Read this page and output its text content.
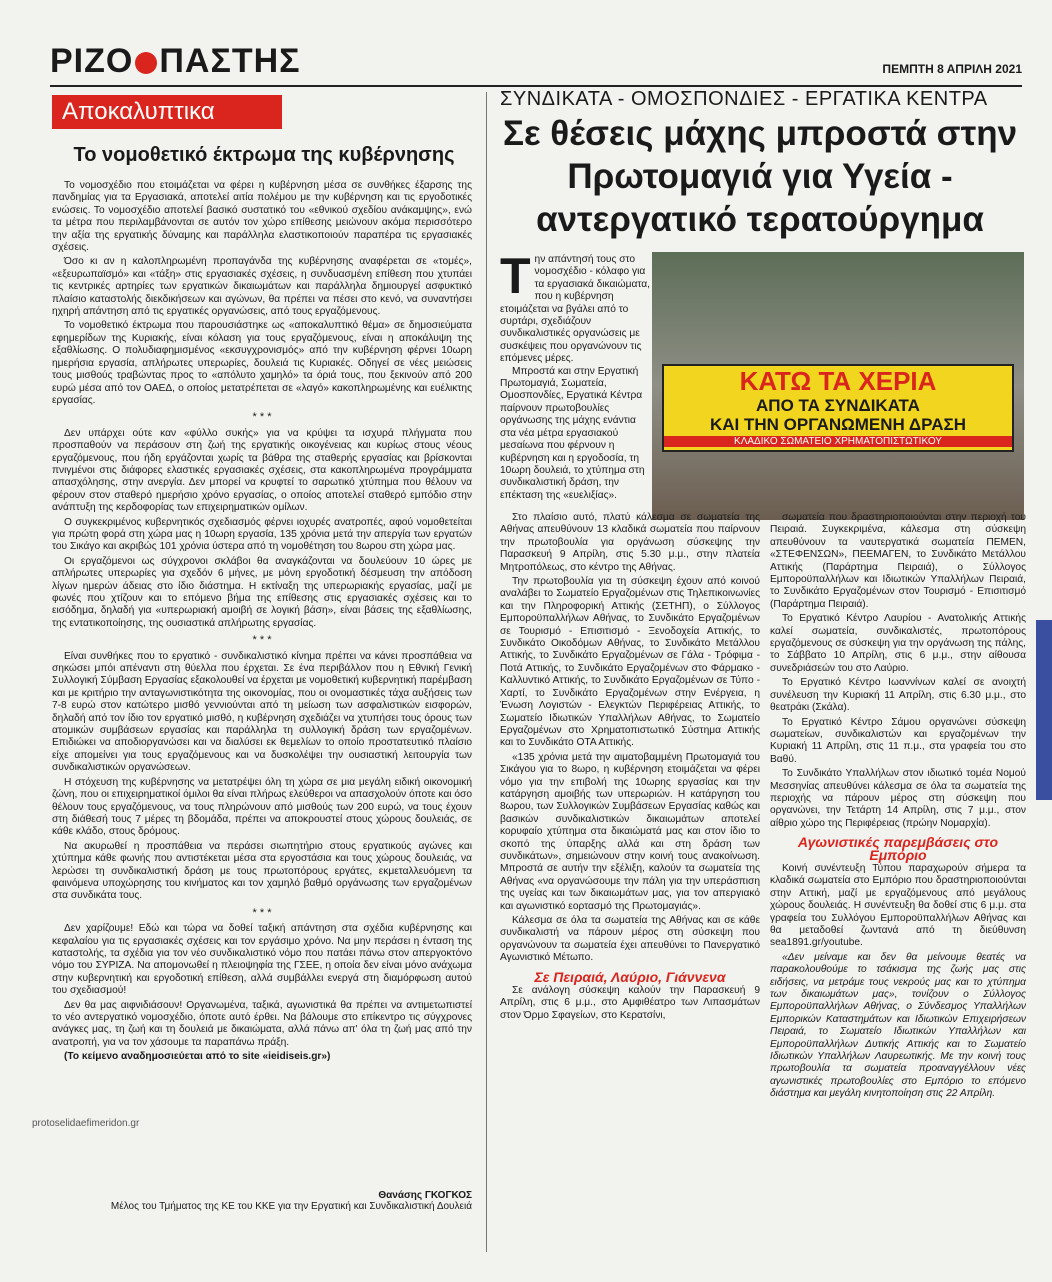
ΡΙΖΟ ΠΑΣΤΗΣ	ΠΕΜΠΤΗ 8 ΑΠΡΙΛΗ 2021
Αποκαλυπτικα
Το νομοθετικό έκτρωμα της κυβέρνησης

Το νομοσχέδιο που ετοιμάζεται να φέρει η κυβέρνηση μέσα σε συνθήκες έξαρσης της πανδημίας για τα Εργασιακά, αποτελεί αιτία πολέμου με την κυβέρνηση και τις εργοδοτικές ενώσεις. Το νομοσχέδιο αποτελεί βασικό συστατικό του «εθνικού σχεδίου ανάκαμψης», ενώ τα μέτρα που περιλαμβάνονται σε αυτόν τον χώρο επίθεσης μειώνουν ακόμα περισσότερο την αξία της εργατικής δύναμης και παράλληλα ελαστικοποιούν παραπέρα τις εργασιακές σχέσεις.

Όσο κι αν η καλοπληρωμένη προπαγάνδα της κυβέρνησης αναφέρεται σε «τομές», «εξευρωπαϊσμό» και «τάξη» στις εργασιακές σχέσεις, η συνδυασμένη επίθεση που χτυπάει τις κεντρικές αρτηρίες των εργατικών δικαιωμάτων και παράλληλα δημιουργεί ασφυκτικό πλαίσιο καταστολής διεκδικήσεων και αγώνων, θα πρέπει να πέσει στο κενό, να συναντήσει ηχηρή απάντηση από τις εργατικές οργανώσεις, από τους εργαζόμενους.

Το νομοθετικό έκτρωμα που παρουσιάστηκε ως «αποκαλυπτικό θέμα» σε δημοσιεύματα εφημερίδων της Κυριακής, είναι κόλαση για τους εργαζόμενους, είναι η αποκάλυψη της εξαθλίωσης. Ο πολυδιαφημισμένος «εκσυγχρονισμός» από την κυβέρνηση φέρνει 10ωρη ημερήσια εργασία, απλήρωτες υπερωρίες, δουλειά τις Κυριακές. Οδηγεί σε νέες μειώσεις τους μισθούς τραβώντας προς το «απόλυτο χαμηλό» τα όριά τους, που ξεκινούν από 200 ευρώ μέσα από τον ΟΑΕΔ, ο οποίος μετατρέπεται σε «λαγό» κακοπληρωμένης και ευέλικτης εργασίας.

* * *

Δεν υπάρχει ούτε καν «φύλλο συκής» για να κρύψει τα ισχυρά πλήγματα που προσπαθούν να περάσουν στη ζωή της εργατικής οικογένειας και κυρίως στους νέους εργαζόμενους, που ήδη εργάζονται χωρίς τα βάθρα της σταθερής εργασίας και βρίσκονται πνιγμένοι στις διάφορες ελαστικές εργασιακές σχέσεις, στα κακοπληρωμένα προγράμματα απασχόλησης, στην ανεργία. Δεν μπορεί να κρυφτεί το σαρωτικό χτύπημα που θέλουν να φέρουν στον σταθερό ημερήσιο χρόνο εργασίας, ο οποίος αποτελεί σταθερό εμπόδιο στην ανάπτυξη της κερδοφορίας των επιχειρηματικών ομίλων.

Ο συγκεκριμένος κυβερνητικός σχεδιασμός φέρνει ιοχυρές ανατροπές, αφού νομοθετείται για πρώτη φορά στη χώρα μας η 10ωρη εργασία, 135 χρόνια μετά την απεργία των εργατών του Σικάγο και ακριβώς 101 χρόνια ύστερα από τη νομοθέτηση του 8ωρου στη χώρα μας.

Οι εργαζόμενοι ως σύγχρονοι σκλάβοι θα αναγκάζονται να δουλεύουν 10 ώρες με απλήρωτες υπερωρίες για σχεδόν 6 μήνες, με μόνη εργοδοτική δέσμευση την απόδοση λίγων ημερών άδειας στο ίδιο διάστημα. Η εκτίναξη της υπερωριακής εργασίας, μαζί με φωνές που χτίζουν και το επόμενο βήμα της επίθεσης στις εργασιακές σχέσεις και το εισόδημα, δηλαδή για «υπερωριακή αμοιβή σε λογική βάση», είναι βάσεις της εξαθλίωσης, της εντατικοποίησης, της ουσιαστικά απλήρωτης εργασίας.

* * *

Είναι συνθήκες που το εργατικό - συνδικαλιστικό κίνημα πρέπει να κάνει προσπάθεια να σηκώσει μπόι απέναντι στη θύελλα που έρχεται. Σε ένα περιβάλλον που η Εθνική Γενική Συλλογική Σύμβαση Εργασίας εξακολουθεί να έρχεται με νομοθετική κυβερνητική παρέμβαση και με κριτήριο την ανταγωνιστικότητα της οικονομίας, που οι ονομαστικές τάχα αυξήσεις των 7-8 ευρώ στον κατώτερο μισθό γεννιούνται από τη μείωση των ασφαλιστικών εισφορών, δηλαδή από τον ίδιο τον εργατικό μισθό, η κυβέρνηση σχεδιάζει να χτυπήσει τους όρους των ατομικών συμβάσεων εργασίας και παράλληλα τη συλλογική δράση των εργαζομένων. Επιδιώκει να αποδιοργανώσει και να διαλύσει εκ θεμελίων το οποίο προστατευτικό πλαίσιο είχε απομείνει για τους εργαζόμενους και να δυσκολέψει την ουσιαστική λειτουργία των συνδικαλιστικών οργανώσεων.

Η στόχευση της κυβέρνησης να μετατρέψει όλη τη χώρα σε μια μεγάλη ειδική οικονομική ζώνη, που οι επιχειρηματικοί όμιλοι θα είναι πλήρως ελεύθεροι να απασχολούν όποτε και όσο θέλουν τους εργαζόμενους, να τους πληρώνουν από μισθούς των 200 ευρώ, να τους έχουν στη διάθεσή τους 7 μέρες τη βδομάδα, πρέπει να αποκρουστεί στους χώρους δουλειάς, σε κάθε κλάδο, στους δρόμους.

Να ακυρωθεί η προσπάθεια να περάσει σιωπητήριο στους εργατικούς αγώνες και χτύπημα κάθε φωνής που αντιστέκεται μέσα στα εργοστάσια και τους χώρους δουλειάς, να λερώσει τη συνδικαλιστική δράση με τους πρωτοπόρους εργάτες, εκμεταλλευόμενη τα φαινόμενα υποχώρησης του κινήματος και τον χαμηλό βαθμό οργάνωσης των εργαζομένων στα συνδικάτα τους.

* * *

Δεν χαρίζουμε! Εδώ και τώρα να δοθεί ταξική απάντηση στα σχέδια κυβέρνησης και κεφαλαίου για τις εργασιακές σχέσεις και τον εργάσιμο χρόνο. Να μην περάσει η ένταση της καταστολής, τα σχέδια για τον νέο συνδικαλιστικό νόμο που πατάει πάνω στον απεργοκτόνο νόμο του ΣΥΡΙΖΑ. Να απομονωθεί η πλειοψηφία της ΓΣΕΕ, η οποία δεν είναι μόνο ανάχωμα στην κυβερνητική και εργοδοτική επίθεση, αλλά συμβάλλει ενεργά στη διαμόρφωση αυτού του σχεδιασμού!

Δεν θα μας αιφνιδιάσουν! Οργανωμένα, ταξικά, αγωνιστικά θα πρέπει να αντιμετωπιστεί το νέο αντεργατικό νομοσχέδιο, όποτε αυτό έρθει. Να βάλουμε στο επίκεντρο τις σύγχρονες ανάγκες μας, τη ζωή και τη δουλειά με δικαιώματα, αλλά πάνω απ' όλα τη ζωή μας από την ανατροπή, για να τον χάσουμε τα παραπάνω πράξη.

(Το κείμενο αναδημοσιεύεται από το site «ieidiseis.gr»)

Θανάσης ΓΚΟΓΚΟΣ
Μέλος του Τμήματος της ΚΕ του ΚΚΕ για την Εργατική και Συνδικαλιστική Δουλειά
ΣΥΝΔΙΚΑΤΑ - ΟΜΟΣΠΟΝΔΙΕΣ - ΕΡΓΑΤΙΚΑ ΚΕΝΤΡΑ
Σε θέσεις μάχης μπροστά στην Πρωτομαγιά για Υγεία - αντεργατικό τερατούργημα
ΚΑΤΩ ΤΑ ΧΕΡΙΑ
ΑΠΟ ΤΑ ΣΥΝΔΙΚΑΤΑ
ΚΑΙ ΤΗΝ ΟΡΓΑΝΩΜΕΝΗ ΔΡΑΣΗ
ΚΛΑΔΙΚΟ ΣΩΜΑΤΕΙΟ ΧΡΗΜΑΤΟΠΙΣΤΩΤΙΚΟΥ
Τ ην απάντησή τους στο νομοσχέδιο - κόλαφο για τα εργασιακά δικαιώματα, που η κυβέρνηση ετοιμάζεται να βγάλει από το συρτάρι, σχεδιάζουν συνδικαλιστικές οργανώσεις με συσκέψεις που οργανώνουν τις επόμενες μέρες.

Μπροστά και στην Εργατική Πρωτομαγιά, Σωματεία, Ομοσπονδίες, Εργατικά Κέντρα παίρνουν πρωτοβουλίες οργάνωσης της μάχης ενάντια στα νέα μέτρα εργασιακού μεσαίωνα που φέρνουν η κυβέρνηση και η εργοδοσία, τη 10ωρη δουλειά, το χτύπημα στη συνδικαλιστική δράση, την επέκταση της «ευελιξίας».

Στο πλαίσιο αυτό, πλατύ κάλεσμα σε σωματεία της Αθήνας απευθύνουν 13 κλαδικά σωματεία που παίρνουν την πρωτοβουλία για οργάνωση σύσκεψης την Παρασκευή 9 Απρίλη, στις 5.30 μ.μ., στην πλατεία Μητροπόλεως, στο κέντρο της Αθήνας.

Την πρωτοβουλία για τη σύσκεψη έχουν από κοινού αναλάβει το Σωματείο Εργαζομένων στις Τηλεπικοινωνίες και την Πληροφορική Αττικής (ΣΕΤΗΠ), ο Σύλλογος Εμποροϋπαλλήλων Αθήνας, το Συνδικάτο Εργαζομένων σε Τουρισμό - Επισιτισμό - Ξενοδοχεία Αττικής, το Συνδικάτο Οικοδόμων Αθήνας, το Συνδικάτο Μετάλλου Αττικής, το Συνδικάτο Εργαζομένων σε Γάλα - Τρόφιμα - Ποτά Αττικής, το Συνδικάτο Εργαζομένων στο Φάρμακο - Καλλυντικό Αττικής, το Συνδικάτο Εργαζομένων σε Τύπο - Χαρτί, το Συνδικάτο Εργαζομένων στην Ενέργεια, η Ένωση Λογιστών - Ελεγκτών Περιφέρειας Αττικής, το Σωματείο Ιδιωτικών Υπαλλήλων Αθήνας, το Σωματείο Εργαζομένων στο Χρηματοπιστωτικό Σύστημα Αττικής και το Συνδικάτο ΟΤΑ Αττικής.

«135 χρόνια μετά την αιματοβαμμένη Πρωτομαγιά του Σικάγου για το 8ωρο, η κυβέρνηση ετοιμάζεται να φέρει νόμο για την επιβολή της 10ωρης εργασίας και την κατάργηση αμοιβής των υπερωριών. Η κατάργηση του 8ωρου, των Συλλογικών Συμβάσεων Εργασίας καθώς και βασικών συνδικαλιστικών δικαιωμάτων αποτελεί κορυφαίο χτύπημα στα δικαιώματά μας και στον ίδιο το σκοπό της ύπαρξης αλλά και στη δράση των συνδικάτων», σημειώνουν στην κοινή τους ανακοίνωση. Μπροστά σε αυτήν την εξέλιξη, καλούν τα σωματεία της Αθήνας «να οργανώσουμε την πάλη για την υπεράσπιση της υγείας και των δικαιωμάτων μας, για τον απεργιακό και αγωνιστικό εορτασμό της Πρωτομαγιάς».

Κάλεσμα σε όλα τα σωματεία της Αθήνας και σε κάθε συνδικαλιστή να πάρουν μέρος στη σύσκεψη που οργανώνουν τα σωματεία έχει απευθύνει το Πανεργατικό Αγωνιστικό Μέτωπο.

Σε Πειραιά, Λαύριο, Γιάννενα

Σε ανάλογη σύσκεψη καλούν την Παρασκευή 9 Απρίλη, στις 6 μ.μ., στο Αμφιθέατρο των Λιπασμάτων στον Όρμο Σφαγείων, στο Κερατσίνι,

σωματεία που δραστηριοποιούνται στην περιοχή του Πειραιά. Συγκεκριμένα, κάλεσμα στη σύσκεψη απευθύνουν τα ναυτεργατικά σωματεία ΠΕΜΕΝ, «ΣΤΕΦΕΝΣΩΝ», ΠΕΕΜΑΓΕΝ, το Συνδικάτο Μετάλλου Αττικής (Παράρτημα Πειραιά), ο Σύλλογος Εμποροϋπαλλήλων και Ιδιωτικών Υπαλλήλων Πειραιά, το Συνδικάτο Εργαζομένων στον Τουρισμό - Επισιτισμό (Παράρτημα Πειραιά).

Το Εργατικό Κέντρο Λαυρίου - Ανατολικής Αττικής καλεί σωματεία, συνδικαλιστές, πρωτοπόρους εργαζόμενους σε σύσκεψη για την οργάνωση της πάλης, το Σάββατο 10 Απρίλη, στις 6 μ.μ., στην αίθουσα συνεδριάσεών του στο Λαύριο.

Το Εργατικό Κέντρο Ιωαννίνων καλεί σε ανοιχτή συνέλευση την Κυριακή 11 Απρίλη, στις 6.30 μ.μ., στο θεατράκι (Σκάλα).

Το Εργατικό Κέντρο Σάμου οργανώνει σύσκεψη σωματείων, συνδικαλιστών και εργαζομένων την Κυριακή 11 Απρίλη, στις 11 π.μ., στα γραφεία του στο Βαθύ.

Το Συνδικάτο Υπαλλήλων στον ιδιωτικό τομέα Νομού Μεσσηνίας απευθύνει κάλεσμα σε όλα τα σωματεία της περιοχής να πάρουν μέρος στη σύσκεψη που οργανώνει, την Τετάρτη 14 Απρίλη, στις 7 μ.μ., στον αίθριο χώρο της Περιφέρειας (πρώην Νομαρχία).

Αγωνιστικές παρεμβάσεις στο Εμπόριο

Κοινή συνέντευξη Τύπου παραχωρούν σήμερα τα κλαδικά σωματεία στο Εμπόριο που δραστηριοποιούνται στην Αττική, μαζί με εργαζόμενους από μεγάλους χώρους δουλειάς. Η συνέντευξη θα δοθεί στις 6 μ.μ. στα γραφεία του Συλλόγου Εμποροϋπαλλήλων Αθήνας και θα μεταδοθεί ζωντανά από τη διεύθυνση sea1891.gr/youtube.

«Δεν μείναμε και δεν θα μείνουμε θεατές να παρακολουθούμε το τσάκισμα της ζωής μας στις ειδήσεις, να μετράμε τους νεκρούς μας και το χτύπημα των δικαιωμάτων μας», τονίζουν ο Σύλλογος Εμποροϋπαλλήλων Αθήνας, ο Σύνδεσμος Υπαλλήλων Εμπορικών Καταστημάτων και Ιδιωτικών Επιχειρήσεων Πειραιά, το Σωματείο Ιδιωτικών Υπαλλήλων και Εμποροϋπαλλήλων Δυτικής Αττικής και το Σωματείο Ιδιωτικών Υπαλλήλων Λαυρεωτικής. Με την κοινή τους πρωτοβουλία τα σωματεία προαναγγέλλουν νέες αγωνιστικές πρωτοβουλίες στο Εμπόριο το επόμενο διάστημα και μεγάλη κινητοποίηση στις 22 Απρίλη.

protoselidaefimeridon.gr
